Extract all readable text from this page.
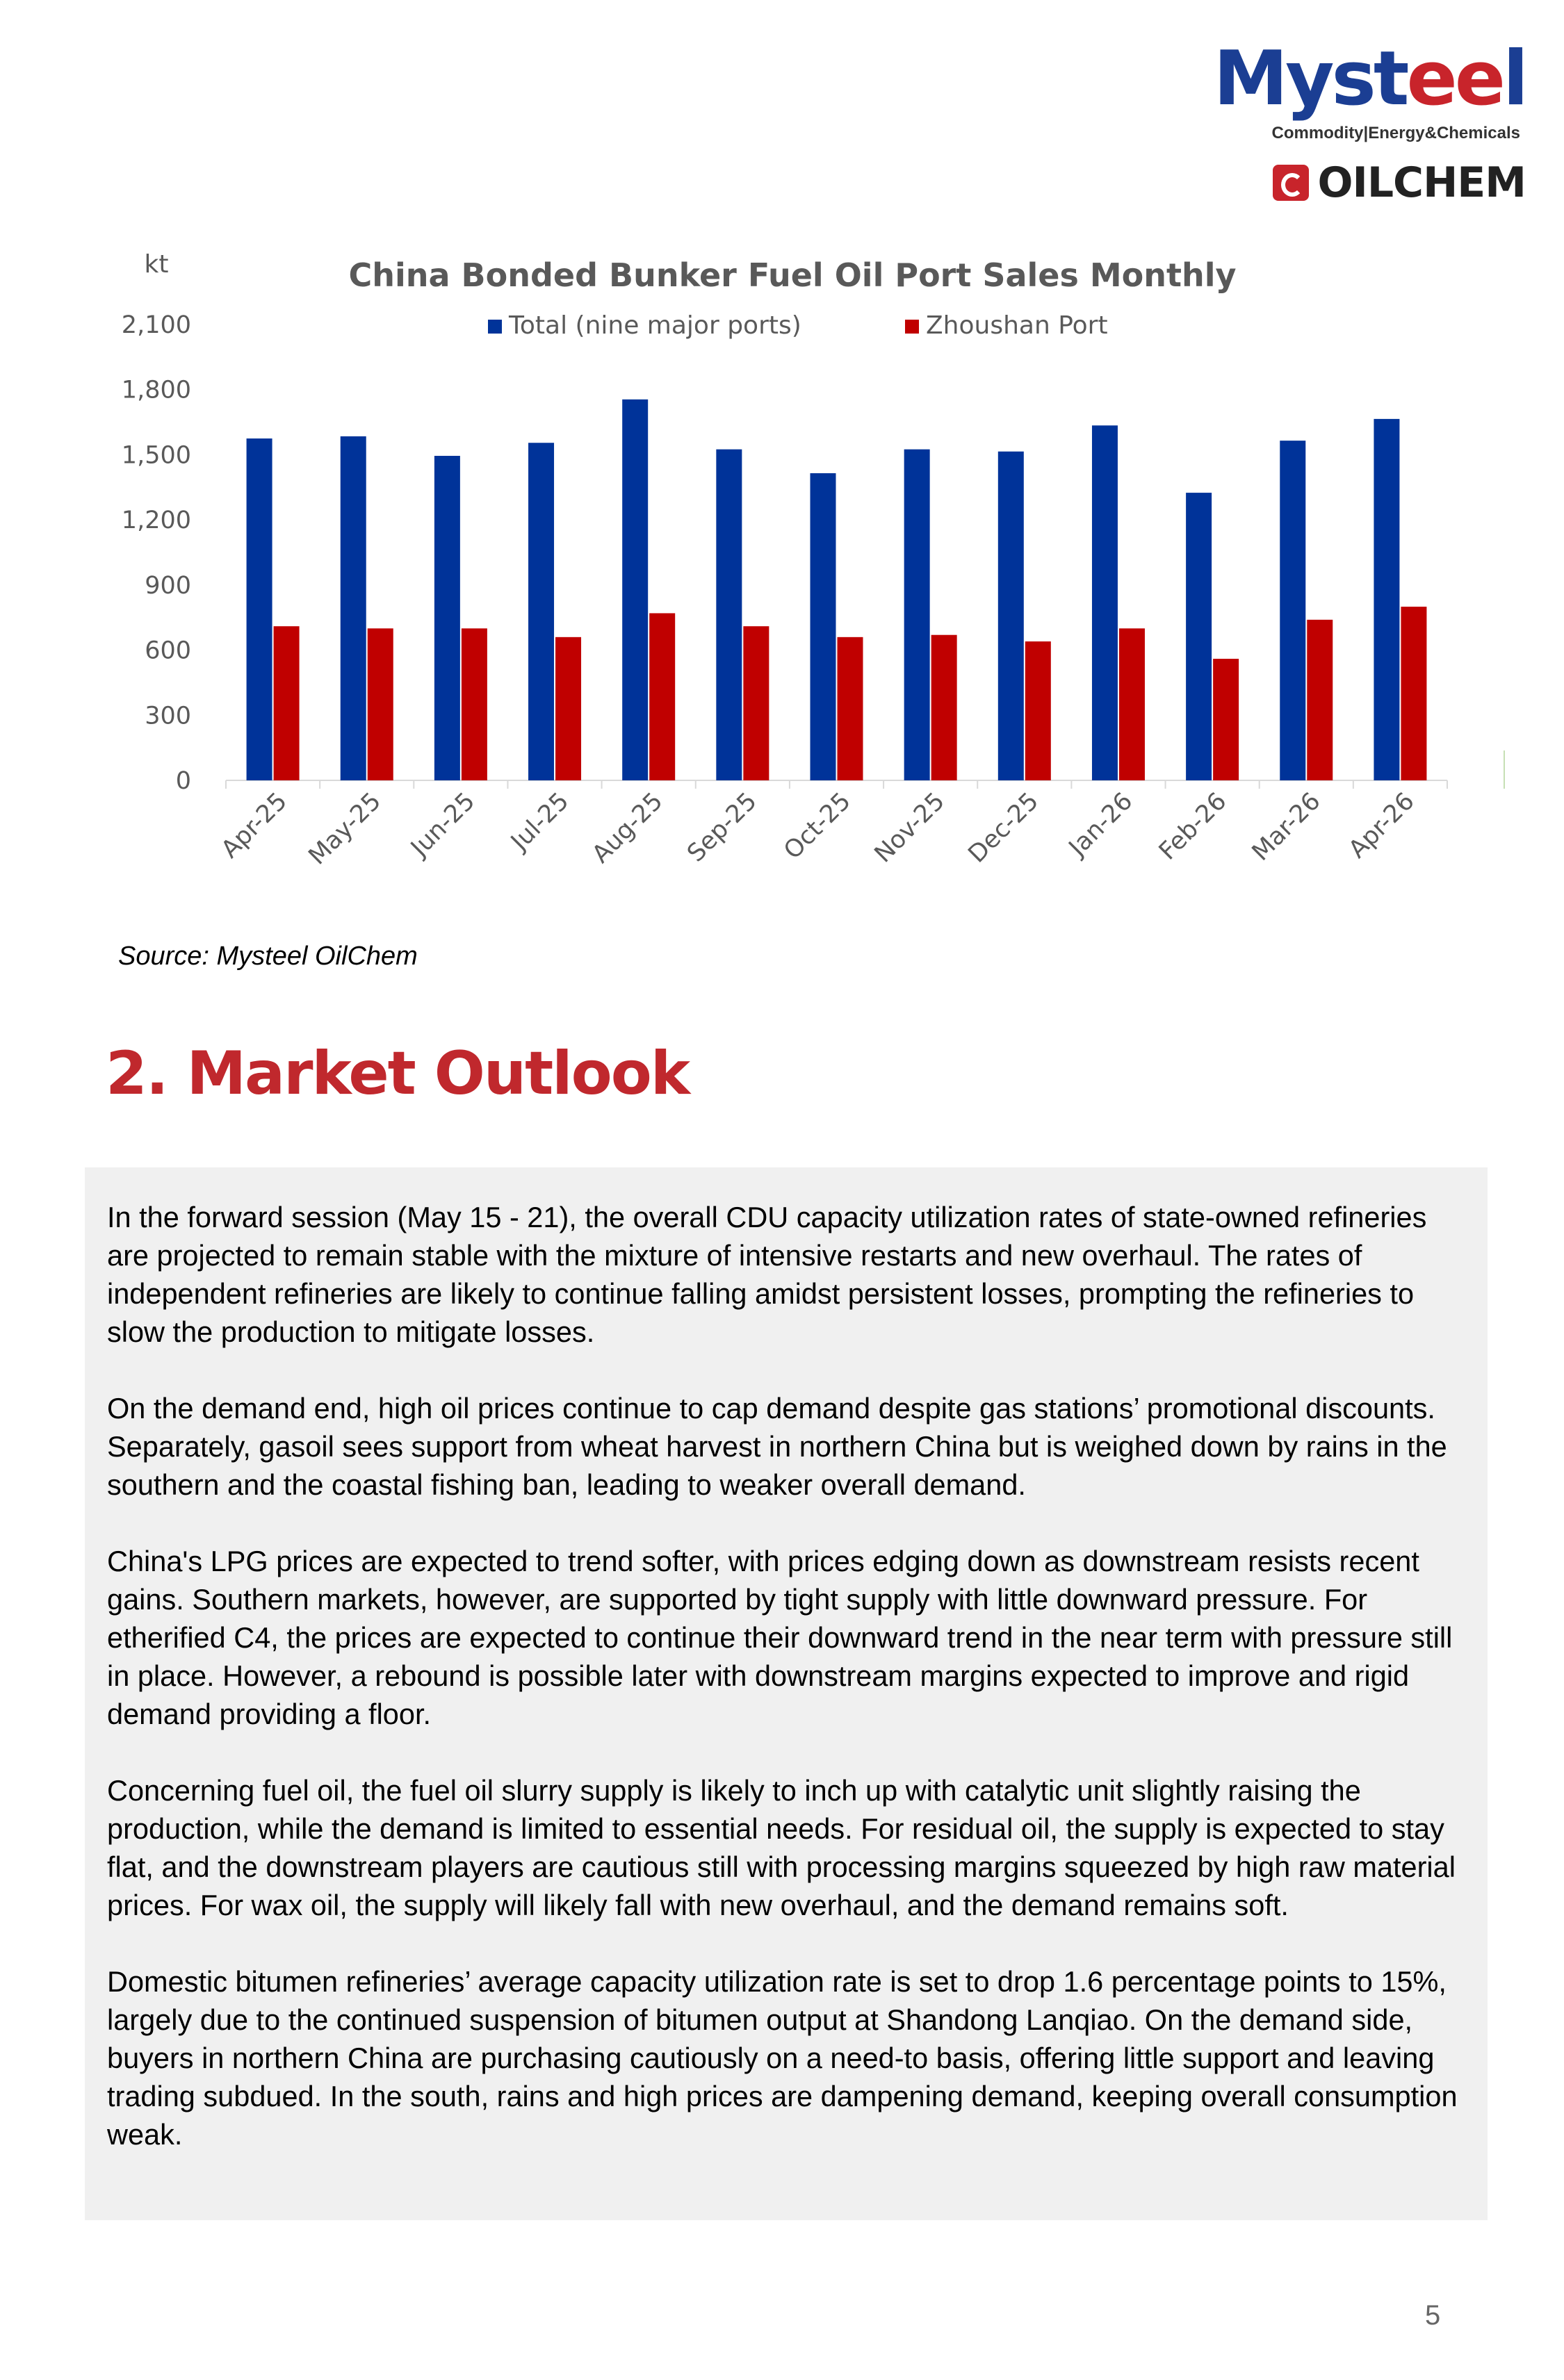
Mysteel
Commodity|Energy&Chemicals
OILCHEM
China Bonded Bunker Fuel Oil Port Sales Monthly
kt
Total (nine major ports)	Zhoushan Port
0
300
600
900
1,200
1,500
1,800
2,100
Apr-25 May-25 Jun-25 Jul-25 Aug-25 Sep-25 Oct-25 Nov-25 Dec-25 Jan-26 Feb-26 Mar-26 Apr-26
Source: Mysteel OilChem
2. Market Outlook

In the forward session (May 15 - 21), the overall CDU capacity utilization rates of state-owned refineries are projected to remain stable with the mixture of intensive restarts and new overhaul. The rates of independent refineries are likely to continue falling amidst persistent losses, prompting the refineries to slow the production to mitigate losses.

On the demand end, high oil prices continue to cap demand despite gas stations’ promotional discounts. Separately, gasoil sees support from wheat harvest in northern China but is weighed down by rains in the southern and the coastal fishing ban, leading to weaker overall demand.

China's LPG prices are expected to trend softer, with prices edging down as downstream resists recent gains. Southern markets, however, are supported by tight supply with little downward pressure. For etherified C4, the prices are expected to continue their downward trend in the near term with pressure still in place. However, a rebound is possible later with downstream margins expected to improve and rigid demand providing a floor.

Concerning fuel oil, the fuel oil slurry supply is likely to inch up with catalytic unit slightly raising the production, while the demand is limited to essential needs. For residual oil, the supply is expected to stay flat, and the downstream players are cautious still with processing margins squeezed by high raw material prices. For wax oil, the supply will likely fall with new overhaul, and the demand remains soft.

Domestic bitumen refineries’ average capacity utilization rate is set to drop 1.6 percentage points to 15%, largely due to the continued suspension of bitumen output at Shandong Lanqiao. On the demand side, buyers in northern China are purchasing cautiously on a need-to basis, offering little support and leaving trading subdued. In the south, rains and high prices are dampening demand, keeping overall consumption weak.

5
